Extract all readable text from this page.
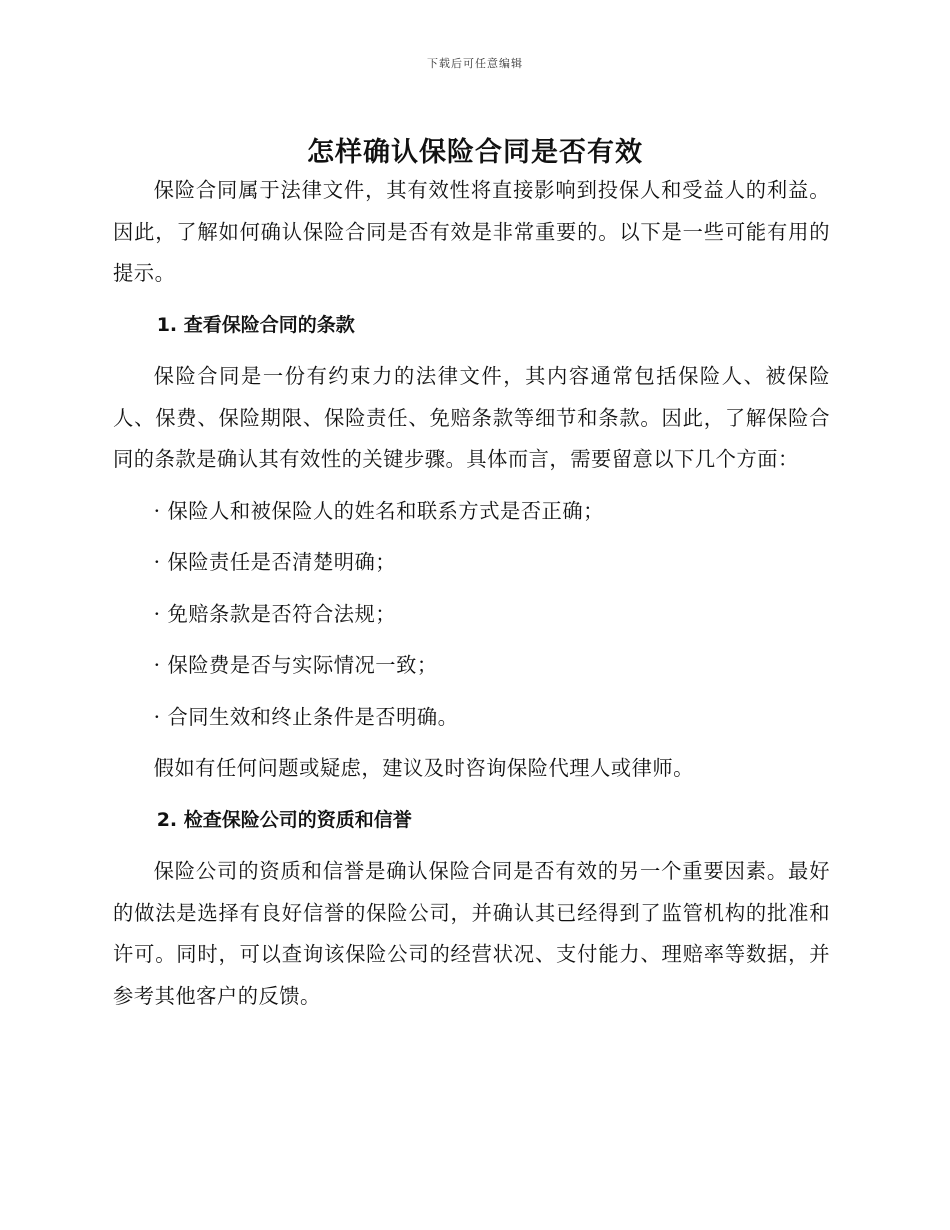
下载后可任意编辑
怎样确认保险合同是否有效

保险合同属于法律文件，其有效性将直接影响到投保人和受益人的利益。因此，了解如何确认保险合同是否有效是非常重要的。以下是一些可能有用的提示。

1. 查看保险合同的条款

保险合同是一份有约束力的法律文件，其内容通常包括保险人、被保险人、保费、保险期限、保险责任、免赔条款等细节和条款。因此，了解保险合同的条款是确认其有效性的关键步骤。具体而言，需要留意以下几个方面：

· 保险人和被保险人的姓名和联系方式是否正确；

· 保险责任是否清楚明确；

· 免赔条款是否符合法规；

· 保险费是否与实际情况一致；

· 合同生效和终止条件是否明确。

假如有任何问题或疑虑，建议及时咨询保险代理人或律师。

2. 检查保险公司的资质和信誉

保险公司的资质和信誉是确认保险合同是否有效的另一个重要因素。最好的做法是选择有良好信誉的保险公司，并确认其已经得到了监管机构的批准和许可。同时，可以查询该保险公司的经营状况、支付能力、理赔率等数据，并参考其他客户的反馈。
